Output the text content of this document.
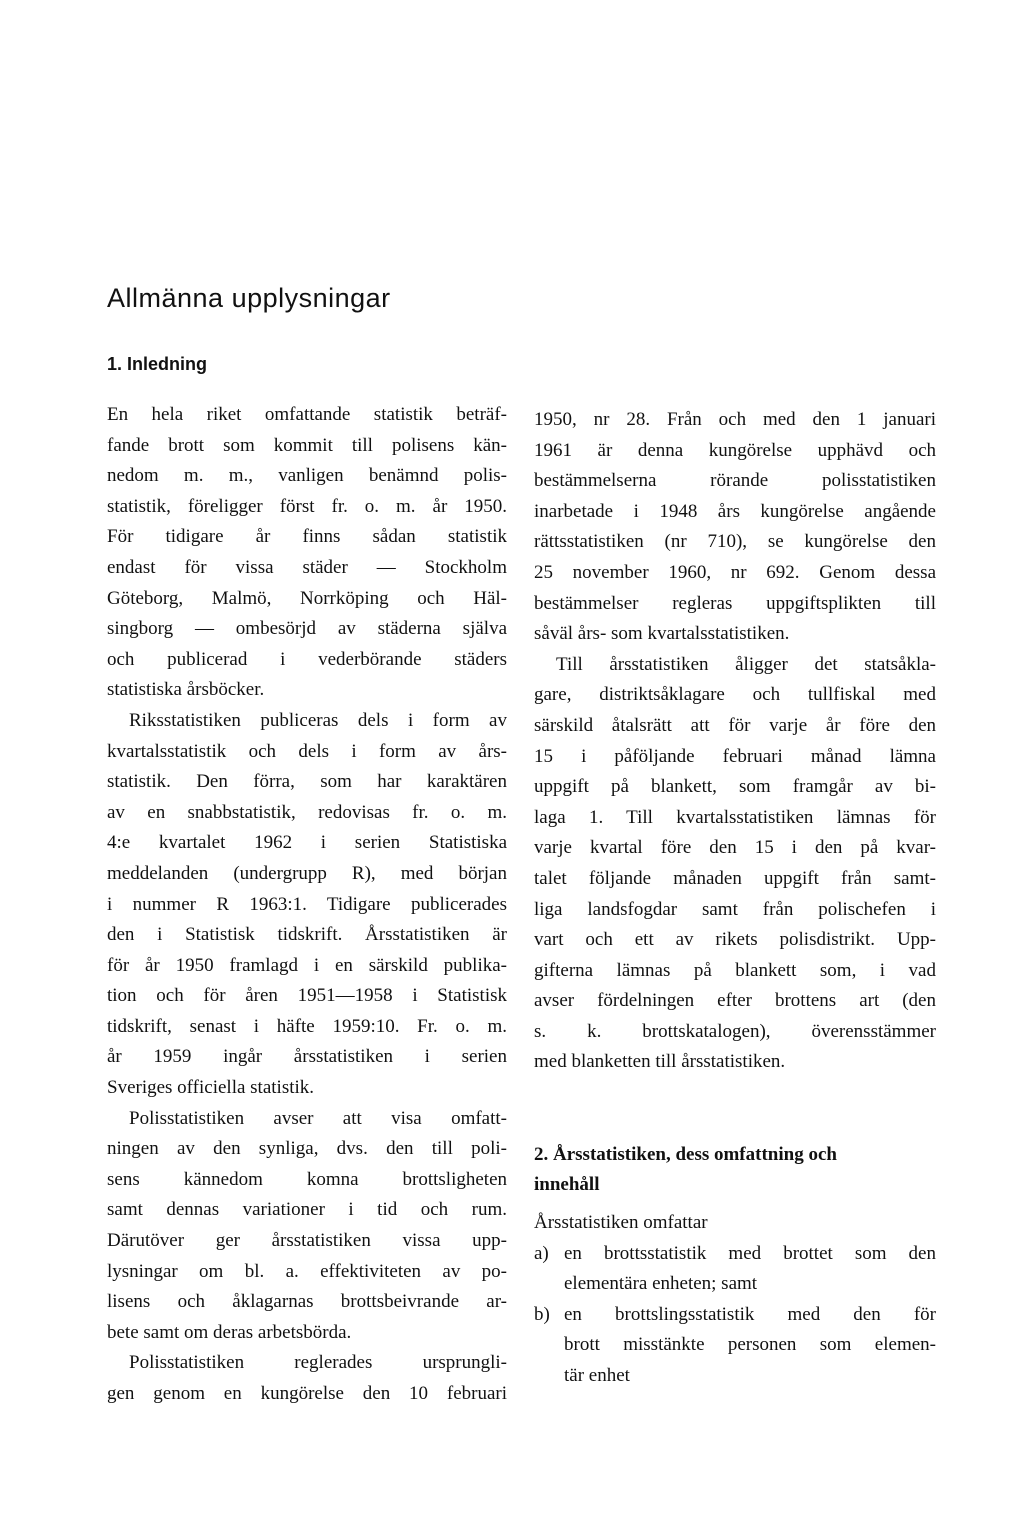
Allmänna upplysningar
1. Inledning

En hela riket omfattande statistik beträf-
fande brott som kommit till polisens kän-
nedom m. m., vanligen benämnd polis-
statistik, föreligger först fr. o. m. år 1950.
För tidigare år finns sådan statistik
endast för vissa städer — Stockholm
Göteborg, Malmö, Norrköping och Häl-
singborg — ombesörjd av städerna själva
och publicerad i vederbörande städers
statistiska årsböcker.

Riksstatistiken publiceras dels i form av
kvartalsstatistik och dels i form av års-
statistik. Den förra, som har karaktären
av en snabbstatistik, redovisas fr. o. m.
4:e kvartalet 1962 i serien Statistiska
meddelanden (undergrupp R), med början
i nummer R 1963:1. Tidigare publicerades
den i Statistisk tidskrift. Årsstatistiken är
för år 1950 framlagd i en särskild publika-
tion och för åren 1951—1958 i Statistisk
tidskrift, senast i häfte 1959:10. Fr. o. m.
år 1959 ingår årsstatistiken i serien
Sveriges officiella statistik.

Polisstatistiken avser att visa omfatt-
ningen av den synliga, dvs. den till poli-
sens kännedom komna brottsligheten
samt dennas variationer i tid och rum.
Därutöver ger årsstatistiken vissa upp-
lysningar om bl. a. effektiviteten av po-
lisens och åklagarnas brottsbeivrande ar-
bete samt om deras arbetsbörda.

Polisstatistiken reglerades ursprungli-
gen genom en kungörelse den 10 februari

1950, nr 28. Från och med den 1 januari
1961 är denna kungörelse upphävd och
bestämmelserna rörande polisstatistiken
inarbetade i 1948 års kungörelse angående
rättsstatistiken (nr 710), se kungörelse den
25 november 1960, nr 692. Genom dessa
bestämmelser regleras uppgiftsplikten till
såväl års- som kvartalsstatistiken.

Till årsstatistiken åligger det statsåkla-
gare, distriktsåklagare och tullfiskal med
särskild åtalsrätt att för varje år före den
15 i påföljande februari månad lämna
uppgift på blankett, som framgår av bi-
laga 1. Till kvartalsstatistiken lämnas för
varje kvartal före den 15 i den på kvar-
talet följande månaden uppgift från samt-
liga landsfogdar samt från polischefen i
vart och ett av rikets polisdistrikt. Upp-
gifterna lämnas på blankett som, i vad
avser fördelningen efter brottens art (den
s. k. brottskatalogen), överensstämmer
med blanketten till årsstatistiken.

2. Årsstatistiken, dess omfattning och
innehåll
Årsstatistiken omfattar
a) en brottsstatistik med brottet som den
elementära enheten; samt
b) en brottslingsstatistik med den för
brott misstänkte personen som elemen-
tär enhet
